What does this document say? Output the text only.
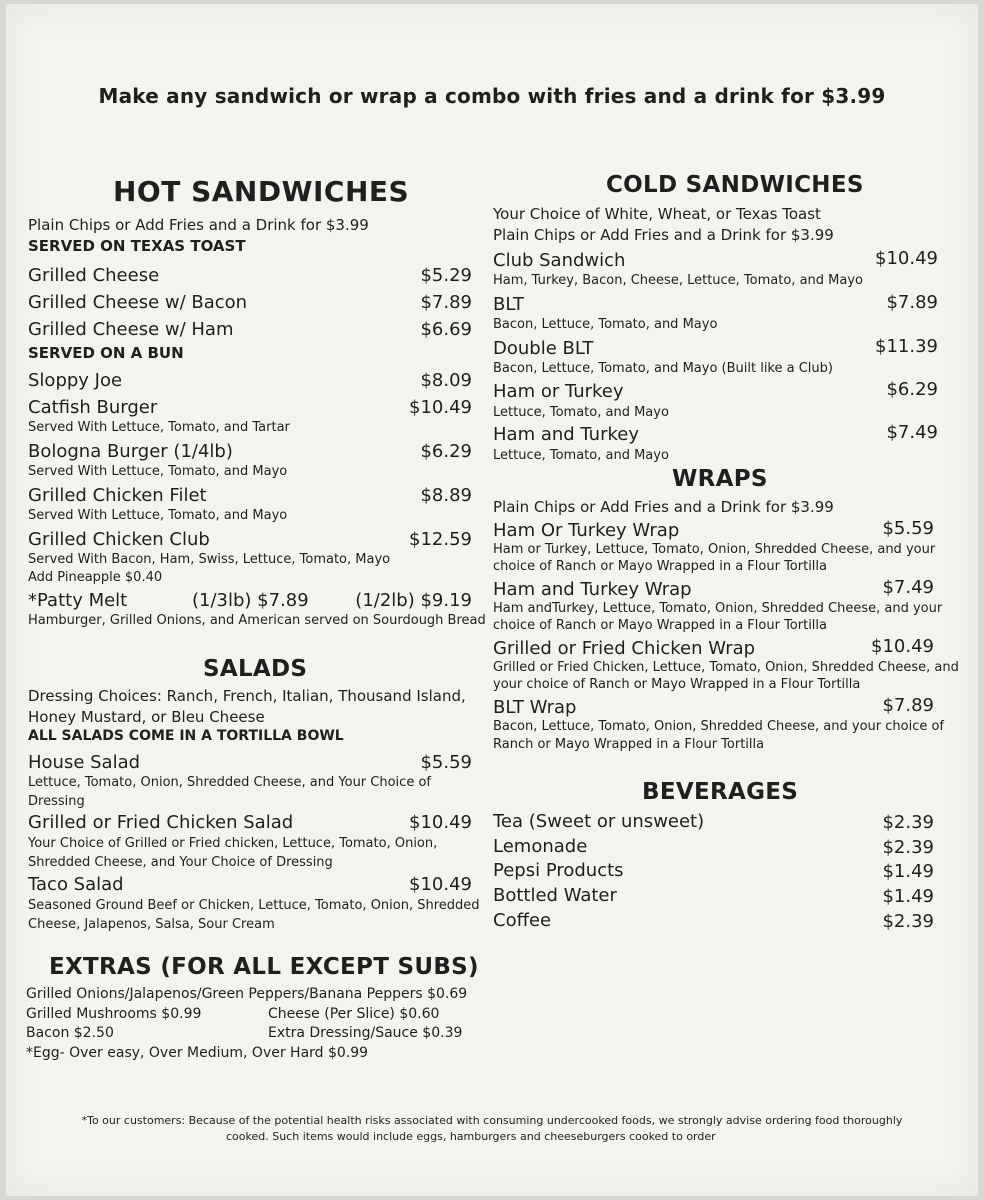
Make any sandwich or wrap a combo with fries and a drink for $3.99
HOT SANDWICHES
Plain Chips or Add Fries and a Drink for $3.99
SERVED ON TEXAS TOAST
Grilled Cheese	$5.29
Grilled Cheese w/ Bacon	$7.89
Grilled Cheese w/ Ham	$6.69
SERVED ON A BUN
Sloppy Joe	$8.09
Catfish Burger	$10.49
Served With Lettuce, Tomato, and Tartar
Bologna Burger (1/4lb)	$6.29
Served With Lettuce, Tomato, and Mayo
Grilled Chicken Filet	$8.89
Served With Lettuce, Tomato, and Mayo
Grilled Chicken Club	$12.59
Served With Bacon, Ham, Swiss, Lettuce, Tomato, Mayo
Add Pineapple $0.40
*Patty Melt	(1/3lb) $7.89	(1/2lb) $9.19
Hamburger, Grilled Onions, and American served on Sourdough Bread
SALADS
Dressing Choices: Ranch, French, Italian, Thousand Island,
Honey Mustard, or Bleu Cheese
ALL SALADS COME IN A TORTILLA BOWL
House Salad	$5.59
Lettuce, Tomato, Onion, Shredded Cheese, and Your Choice of
Dressing
Grilled or Fried Chicken Salad	$10.49
Your Choice of Grilled or Fried chicken, Lettuce, Tomato, Onion,
Shredded Cheese, and Your Choice of Dressing
Taco Salad	$10.49
Seasoned Ground Beef or Chicken, Lettuce, Tomato, Onion, Shredded
Cheese, Jalapenos, Salsa, Sour Cream
EXTRAS (FOR ALL EXCEPT SUBS)
Grilled Onions/Jalapenos/Green Peppers/Banana Peppers $0.69
Grilled Mushrooms $0.99	Cheese (Per Slice) $0.60
Bacon $2.50	Extra Dressing/Sauce $0.39
*Egg- Over easy, Over Medium, Over Hard $0.99
COLD SANDWICHES
Your Choice of White, Wheat, or Texas Toast
Plain Chips or Add Fries and a Drink for $3.99
Club Sandwich	$10.49
Ham, Turkey, Bacon, Cheese, Lettuce, Tomato, and Mayo
BLT	$7.89
Bacon, Lettuce, Tomato, and Mayo
Double BLT	$11.39
Bacon, Lettuce, Tomato, and Mayo (Built like a Club)
Ham or Turkey	$6.29
Lettuce, Tomato, and Mayo
Ham and Turkey	$7.49
Lettuce, Tomato, and Mayo
WRAPS
Plain Chips or Add Fries and a Drink for $3.99
Ham Or Turkey Wrap	$5.59
Ham or Turkey, Lettuce, Tomato, Onion, Shredded Cheese, and your
choice of Ranch or Mayo Wrapped in a Flour Tortilla
Ham and Turkey Wrap	$7.49
Ham andTurkey, Lettuce, Tomato, Onion, Shredded Cheese, and your
choice of Ranch or Mayo Wrapped in a Flour Tortilla
Grilled or Fried Chicken Wrap	$10.49
Grilled or Fried Chicken, Lettuce, Tomato, Onion, Shredded Cheese, and
your choice of Ranch or Mayo Wrapped in a Flour Tortilla
BLT Wrap	$7.89
Bacon, Lettuce, Tomato, Onion, Shredded Cheese, and your choice of
Ranch or Mayo Wrapped in a Flour Tortilla
BEVERAGES
Tea (Sweet or unsweet)	$2.39
Lemonade	$2.39
Pepsi Products	$1.49
Bottled Water	$1.49
Coffee	$2.39
*To our customers: Because of the potential health risks associated with consuming undercooked foods, we strongly advise ordering food thoroughly
cooked. Such items would include eggs, hamburgers and cheeseburgers cooked to order
